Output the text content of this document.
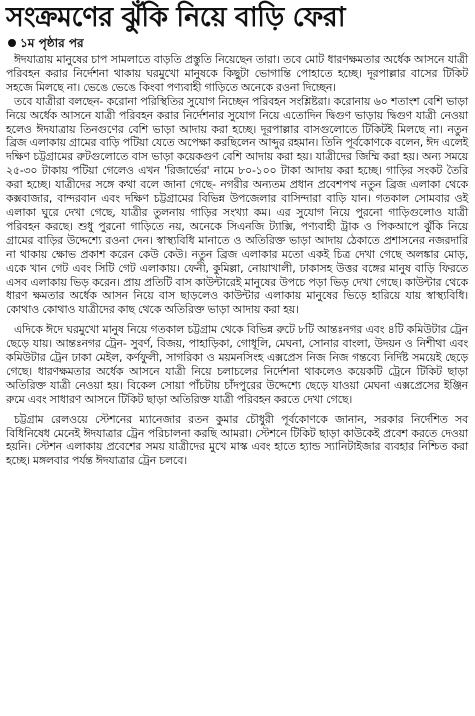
সংক্রমণের ঝুঁকি নিয়ে বাড়ি ফেরা
১ম পৃষ্ঠার পর

ঈদযাত্রায় মানুষের চাপ সামলাতে বাড়তি প্রস্তুতি নিয়েছেন তারা। তবে মোট ধারণক্ষমতার অর্ধেক আসনে যাত্রী পরিবহন করার নির্দেশনা থাকায় ঘরমুখো মানুষকে কিছুটা ভোগান্তি পোহাতে হচ্ছে। দূরপাল্লার বাসের টিকিট সহজে মিলছে না। ভেঙে ভেঙে কিংবা পণ্যবাহী গাড়িতে অনেকে রওনা দিচ্ছেন।

তবে যাত্রীরা বলছেন- করোনা পরিস্থিতির সুযোগ নিচ্ছেন পরিবহন সংশ্লিষ্টরা। করোনায় ৬০ শতাংশ বেশি ভাড়া নিয়ে অর্ধেক আসনে যাত্রী পরিবহন করার নির্দেশনার সুযোগ নিয়ে এতোদিন দ্বিগুণ ভাড়ায় দ্বিগুণ যাত্রী নেওয়া হলেও ঈদযাত্রায় তিনগুণের বেশি ভাড়া আদায় করা হচ্ছে। দূরপাল্লার বাসগুলোতে টিকিটই মিলছে না। নতুন ব্রিজ এলাকায় গ্রামের বাড়ি পটিয়া যেতে অপেক্ষা করছিলেন আব্দুর রহমান। তিনি পূর্বকোণকে বলেন, ঈদ এলেই দক্ষিণ চট্টগ্রামের রুটগুলোতে বাস ভাড়া কয়েকগুণ বেশি আদায় করা হয়। যাত্রীদের জিম্মি করা হয়। অন্য সময়ে ২৫-৩০ টাকায় পটিয়া গেলেও এখন 'রিজার্ভের' নামে ৮০-১০০ টাকা আদায় করা হচ্ছে। গাড়ির সংকট তৈরি করা হচ্ছে। যাত্রীদের সঙ্গে কথা বলে জানা গেছে- নগরীর অন্যতম প্রধান প্রবেশপথ নতুন ব্রিজ এলাকা থেকে কক্সবাজার, বান্দরবান এবং দক্ষিণ চট্টগ্রামের বিভিন্ন উপজেলার বাসিন্দারা বাড়ি যান। গতকাল সোমবার ওই এলাকা ঘুরে দেখা গেছে, যাত্রীর তুলনায় গাড়ির সংখ্যা কম। এর সুযোগ নিয়ে পুরনো গাড়িগুলোও যাত্রী পরিবহন করছে। শুধু পুরনো গাড়িতে নয়, অনেকে সিএনজি ট্যাক্সি, পণ্যবাহী ট্রাক ও পিকআপে ঝুঁকি নিয়ে গ্রামের বাড়ির উদ্দেশ্যে রওনা দেন। স্বাস্থ্যবিধি মানাতে ও অতিরিক্ত ভাড়া আদায় ঠেকাতে প্রশাসনের নজরদারি না থাকায় ক্ষোভ প্রকাশ করেন কেউ কেউ। নতুন ব্রিজ এলাকার মতো একই চিত্র দেখা গেছে অলঙ্কার মোড়, একে খান গেট এবং সিটি গেট এলাকায়। ফেনী, কুমিল্লা, নোয়াখালী, ঢাকাসহ উত্তর বঙ্গের মানুষ বাড়ি ফিরতে এসব এলাকায় ভিড় করেন। প্রায় প্রতিটি বাস কাউন্টারেই মানুষের উপচে পড়া ভিড় দেখা গেছে। কাউন্টার থেকে ধারণ ক্ষমতার অর্ধেক আসন নিয়ে বাস ছাড়লেও কাউন্টার এলাকায় মানুষের ভিড়ে হারিয়ে যায় স্বাস্থ্যবিধি। কোথাও কোথাও যাত্রীদের কাছ থেকে অতিরিক্ত ভাড়া আদায় করা হয়।

এদিকে ঈদে ঘরমুখো মানুষ নিয়ে গতকাল চট্টগ্রাম থেকে বিভিন্ন রুটে ৮টি আন্তঃনগর এবং ৪টি কমিউটার ট্রেন ছেড়ে যায়। আন্তঃনগর ট্রেন- সুবর্ণ, বিজয়, পাহাড়িকা, গোধূলি, মেঘনা, সোনার বাংলা, উদয়ন ও নিশীথা এবং কমিউটার ট্রেন ঢাকা মেইল, কর্ণফুলী, সাগরিকা ও ময়মনসিংহ এক্সপ্রেস নিজ নিজ গন্তব্যে নির্দিষ্ট সময়েই ছেড়ে গেছে। ধারণক্ষমতার অর্ধেক আসনে যাত্রী নিয়ে চলাচলের নির্দেশনা থাকলেও কয়েকটি ট্রেনে টিকিট ছাড়া অতিরিক্ত যাত্রী নেওয়া হয়। বিকেল সোয়া পাঁচটায় চাঁদপুরের উদ্দেশ্যে ছেড়ে যাওয়া মেঘনা এক্সপ্রেসের ইঞ্জিন রুমে এবং সাধারণ আসনে টিকিট ছাড়া অতিরিক্ত যাত্রী পরিবহন করতে দেখা গেছে।

চট্টগ্রাম রেলওয়ে স্টেশনের ম্যানেজার রতন কুমার চৌধুরী পূর্বকোণকে জানান, সরকার নির্দেশিত সব বিধিনিষেধ মেনেই ঈদযাত্রার ট্রেন পরিচালনা করছি আমরা। স্টেশনে টিকিট ছাড়া কাউকেই প্রবেশ করতে দেওয়া হয়নি। স্টেশন এলাকায় প্রবেশের সময় যাত্রীদের মুখে মাস্ক এবং হাতে হ্যান্ড স্যানিটাইজার ব্যবহার নিশ্চিত করা হচ্ছে। মঙ্গলবার পর্যন্ত ঈদযাত্রার ট্রেন চলবে।
